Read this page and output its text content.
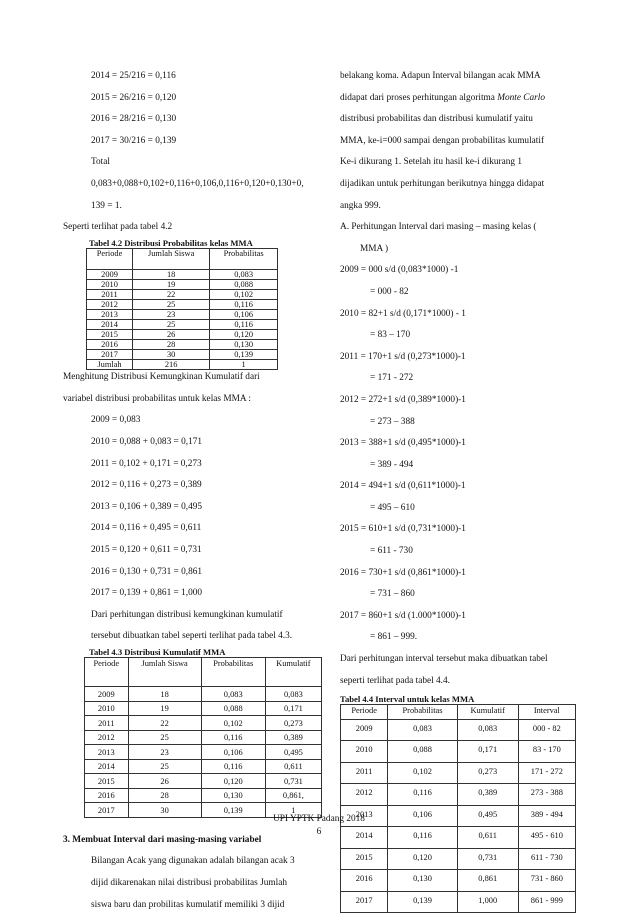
2014 = 25/216 = 0,116
2015 = 26/216 = 0,120
2016 = 28/216 = 0,130
2017 = 30/216 = 0,139
Total
0,083+0,088+0,102+0,116+0,106,0,116+0,120+0,130+0,
139 = 1.
Seperti terlihat pada tabel 4.2
Tabel 4.2 Distribusi Probabilitas kelas MMA
Periode	Jumlah Siswa	Probabilitas
2009	18	0,083
2010	19	0,088
2011	22	0,102
2012	25	0,116
2013	23	0,106
2014	25	0,116
2015	26	0,120
2016	28	0,130
2017	30	0,139
Jumlah	216	1
Menghitung Distribusi Kemungkinan Kumulatif dari
variabel distribusi probabilitas untuk kelas MMA :
2009 = 0,083
2010 = 0,088 + 0,083 = 0,171
2011 = 0,102 + 0,171 = 0,273
2012 = 0,116 + 0,273 = 0,389
2013 = 0,106 + 0,389 = 0,495
2014 = 0,116 + 0,495 = 0,611
2015 = 0,120 + 0,611 = 0,731
2016 = 0,130 + 0,731 = 0,861
2017 = 0,139 + 0,861 = 1,000
Dari perhitungan distribusi kemungkinan kumulatif
tersebut dibuatkan tabel seperti terlihat pada tabel 4.3.
Tabel 4.3 Distribusi Kumulatif MMA
Periode	Jumlah Siswa	Probabilitas	Kumulatif
2009	18	0,083	0,083
2010	19	0,088	0,171
2011	22	0,102	0,273
2012	25	0,116	0,389
2013	23	0,106	0,495
2014	25	0,116	0,611
2015	26	0,120	0,731
2016	28	0,130	0,861,
2017	30	0,139	1
3. Membuat Interval dari masing-masing variabel
Bilangan Acak yang digunakan adalah bilangan acak 3
dijid dikarenakan nilai distribusi probabilitas Jumlah
siswa baru dan probilitas kumulatif memiliki 3 dijid
belakang koma. Adapun Interval bilangan acak MMA
didapat dari proses perhitungan algoritma Monte Carlo
distribusi probabilitas dan distribusi kumulatif yaitu
MMA, ke-i=000 sampai dengan probabilitas kumulatif
Ke-i dikurang 1. Setelah itu hasil ke-i dikurang 1
dijadikan untuk perhitungan berikutnya hingga didapat
angka 999.
A. Perhitungan Interval dari masing – masing kelas (
MMA )
2009 = 000 s/d (0,083*1000) -1
= 000 - 82
2010 = 82+1 s/d (0,171*1000) - 1
= 83 – 170
2011 = 170+1 s/d (0,273*1000)-1
= 171 - 272
2012 = 272+1 s/d (0,389*1000)-1
= 273 – 388
2013 = 388+1 s/d (0,495*1000)-1
= 389 - 494
2014 = 494+1 s/d (0,611*1000)-1
= 495 – 610
2015 = 610+1 s/d (0,731*1000)-1
= 611 - 730
2016 = 730+1 s/d (0,861*1000)-1
= 731 – 860
2017 = 860+1 s/d (1.000*1000)-1
= 861 – 999.
Dari perhitungan interval tersebut maka dibuatkan tabel
seperti terlihat pada tabel 4.4.
Tabel 4.4 Interval untuk kelas MMA
Periode	Probabilitas	Kumulatif	Interval
2009	0,083	0,083	000 - 82
2010	0,088	0,171	83 - 170
2011	0,102	0,273	171 - 272
2012	0,116	0,389	273 - 388
2013	0,106	0,495	389 - 494
2014	0,116	0,611	495 - 610
2015	0,120	0,731	611 - 730
2016	0,130	0,861	731 - 860
2017	0,139	1,000	861 - 999
UPI YPTK Padang 2018
6
